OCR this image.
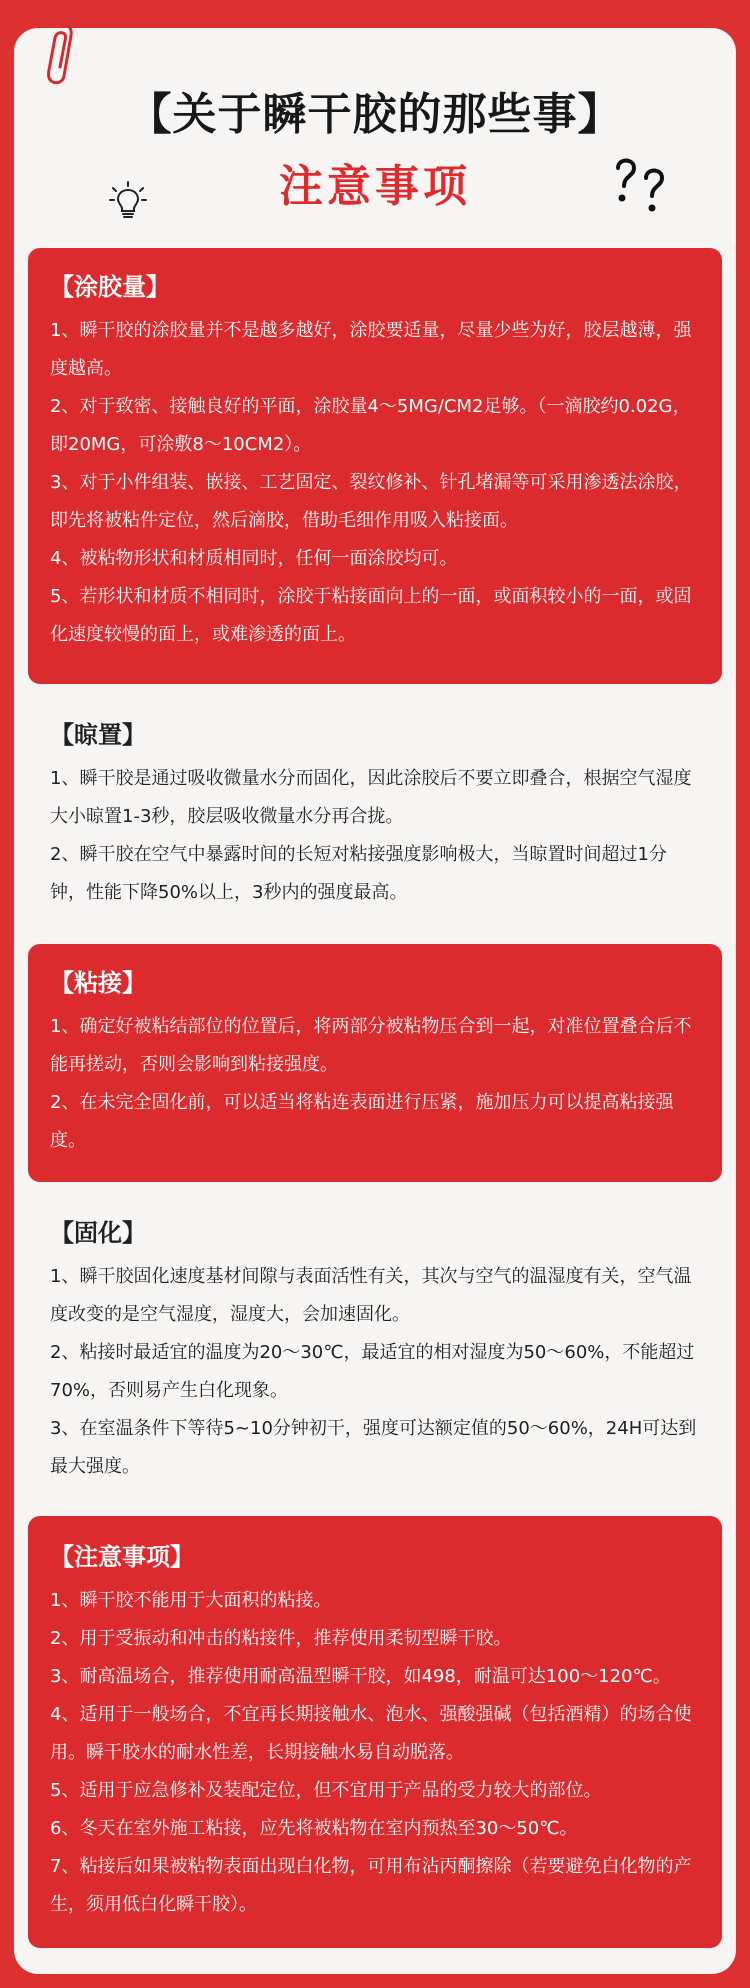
【关于瞬干胶的那些事】
注意事项
【涂胶量】

1、瞬干胶的涂胶量并不是越多越好，涂胶要适量，尽量少些为好，胶层越薄，强度越高。

2、对于致密、接触良好的平面，涂胶量4～5MG/CM2足够。（一滴胶约0.02G，即20MG，可涂敷8～10CM2）。

3、对于小件组装、嵌接、工艺固定、裂纹修补、针孔堵漏等可采用渗透法涂胶，即先将被粘件定位，然后滴胶，借助毛细作用吸入粘接面。

4、被粘物形状和材质相同时，任何一面涂胶均可。

5、若形状和材质不相同时，涂胶于粘接面向上的一面，或面积较小的一面，或固化速度较慢的面上，或难渗透的面上。

【晾置】

1、瞬干胶是通过吸收微量水分而固化，因此涂胶后不要立即叠合，根据空气湿度大小晾置1-3秒，胶层吸收微量水分再合拢。

2、瞬干胶在空气中暴露时间的长短对粘接强度影响极大，当晾置时间超过1分钟，性能下降50%以上，3秒内的强度最高。

【粘接】

1、确定好被粘结部位的位置后，将两部分被粘物压合到一起，对准位置叠合后不能再搓动，否则会影响到粘接强度。

2、在未完全固化前，可以适当将粘连表面进行压紧，施加压力可以提高粘接强度。

【固化】

1、瞬干胶固化速度基材间隙与表面活性有关，其次与空气的温湿度有关，空气温度改变的是空气湿度，湿度大，会加速固化。

2、粘接时最适宜的温度为20～30℃，最适宜的相对湿度为50～60%，不能超过70%，否则易产生白化现象。

3、在室温条件下等待5~10分钟初干，强度可达额定值的50～60%，24H可达到最大强度。

【注意事项】

1、瞬干胶不能用于大面积的粘接。

2、用于受振动和冲击的粘接件，推荐使用柔韧型瞬干胶。

3、耐高温场合，推荐使用耐高温型瞬干胶，如498，耐温可达100～120℃。

4、适用于一般场合，不宜再长期接触水、泡水、强酸强碱（包括酒精）的场合使用。瞬干胶水的耐水性差，长期接触水易自动脱落。

5、适用于应急修补及装配定位，但不宜用于产品的受力较大的部位。

6、冬天在室外施工粘接，应先将被粘物在室内预热至30～50℃。

7、粘接后如果被粘物表面出现白化物，可用布沾丙酮擦除（若要避免白化物的产生，须用低白化瞬干胶）。
